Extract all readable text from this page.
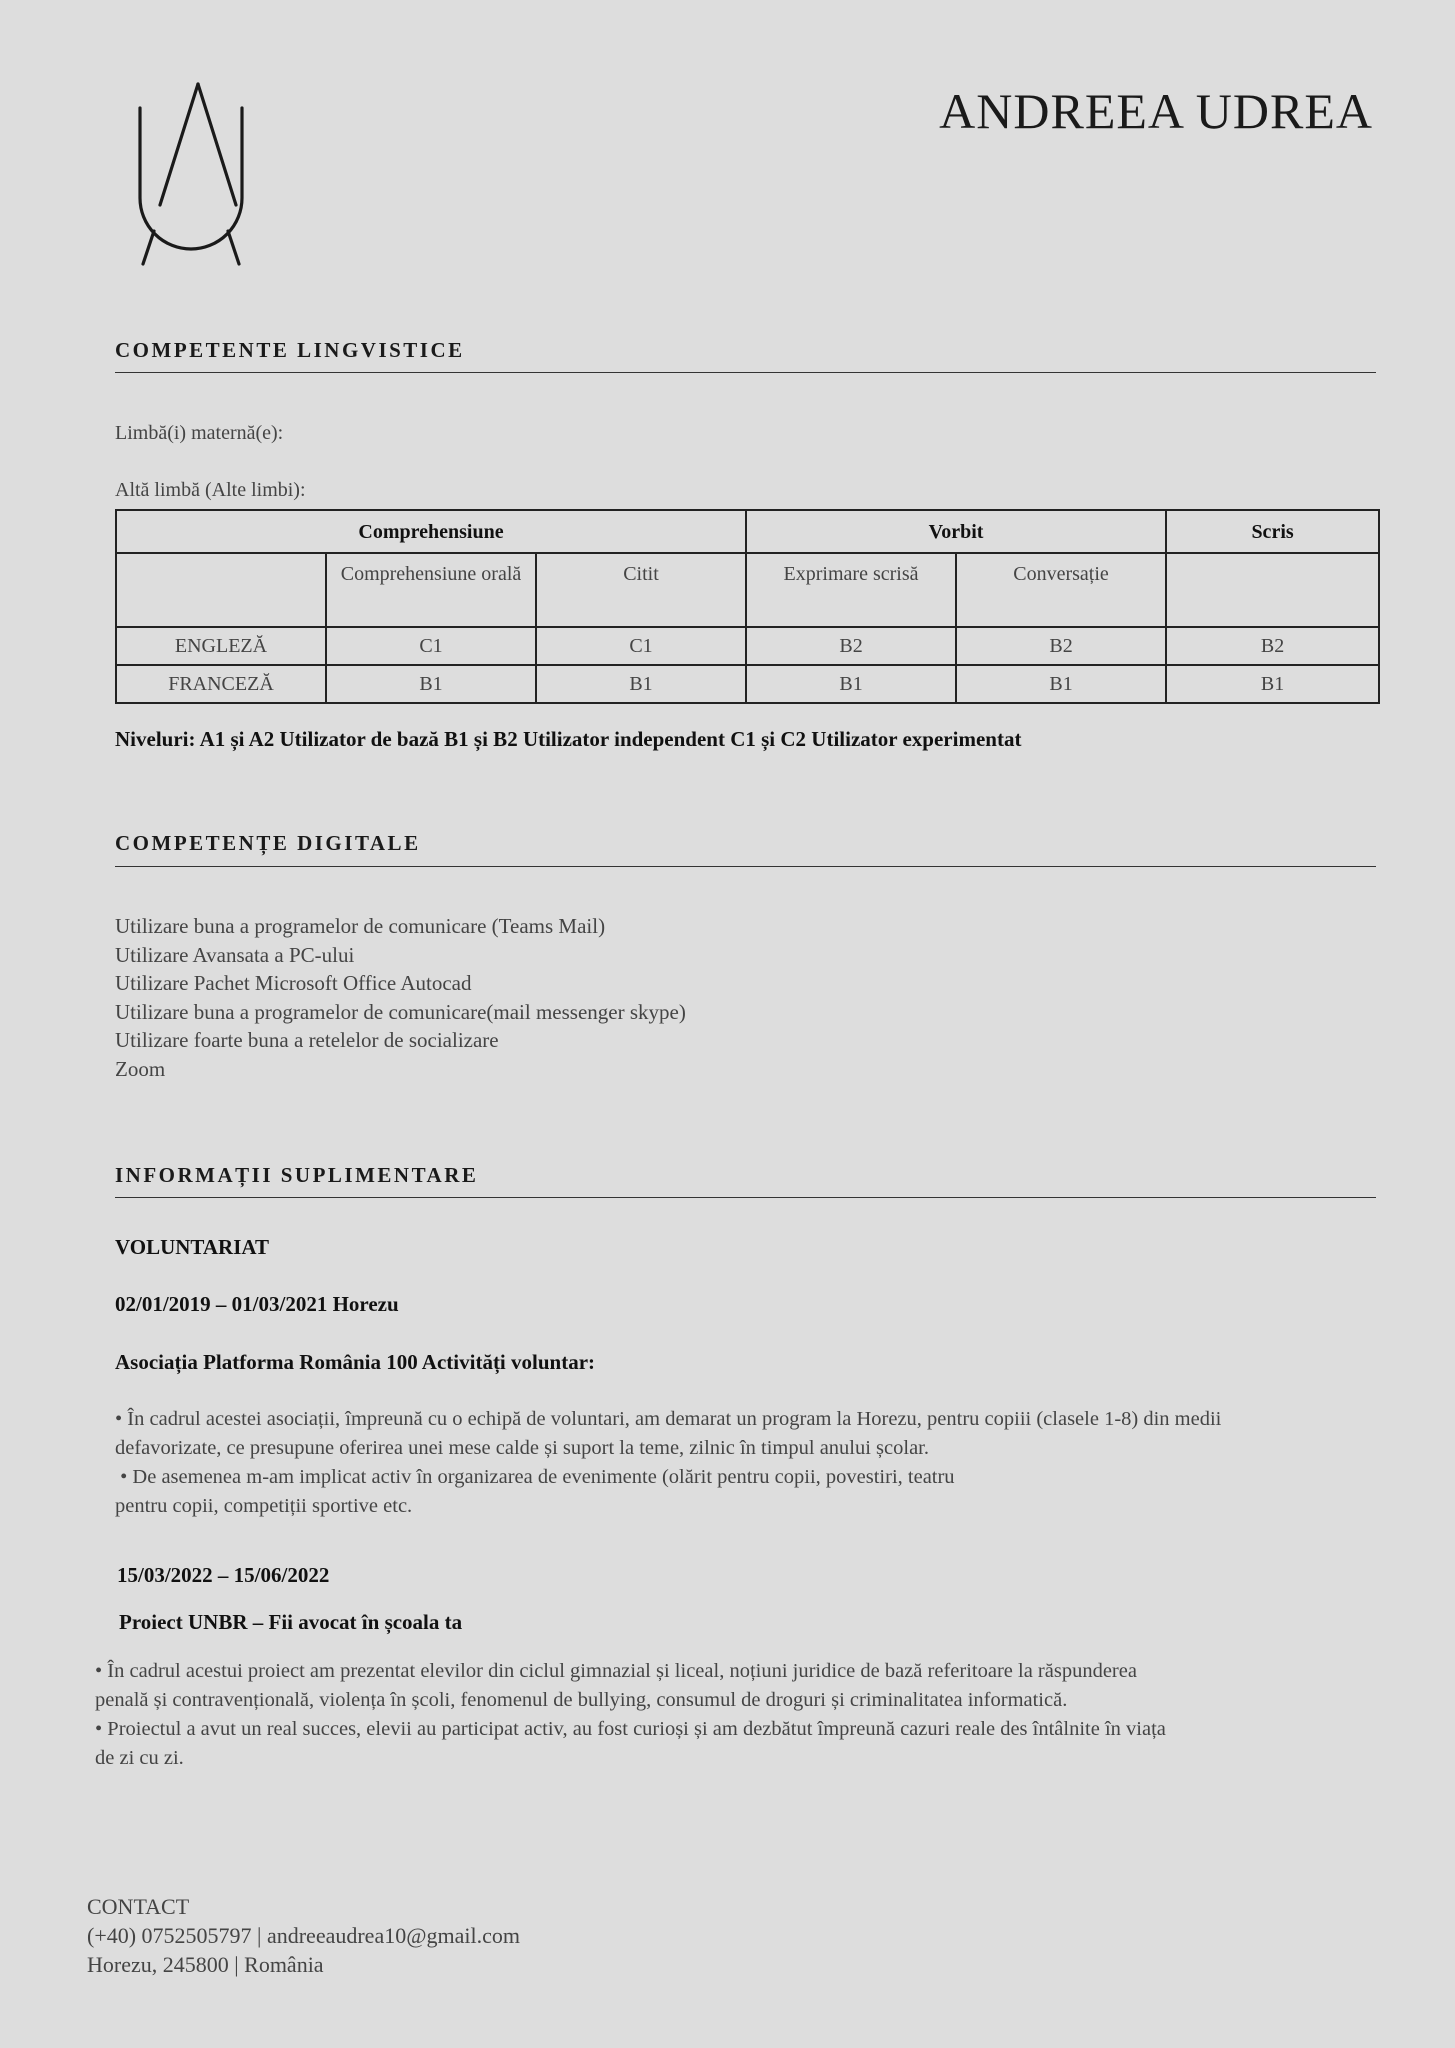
ANDREEA UDREA
COMPETENTE LINGVISTICE
Limbă(i) maternă(e):
Altă limbă (Alte limbi):
Comprehensiune			Vorbit		Scris
	Comprehensiune orală	Citit	Exprimare scrisă	Conversație	
ENGLEZĂ	C1	C1	B2	B2	B2
FRANCEZĂ	B1	B1	B1	B1	B1
Niveluri: A1 și A2 Utilizator de bază B1 și B2 Utilizator independent C1 și C2 Utilizator experimentat
COMPETENȚE DIGITALE
Utilizare buna a programelor de comunicare (Teams Mail)
Utilizare Avansata a PC-ului
Utilizare Pachet Microsoft Office Autocad
Utilizare buna a programelor de comunicare(mail messenger skype)
Utilizare foarte buna a retelelor de socializare
Zoom
INFORMAȚII SUPLIMENTARE
VOLUNTARIAT
02/01/2019 – 01/03/2021 Horezu
Asociația Platforma România 100 Activități voluntar:
• În cadrul acestei asociații, împreună cu o echipă de voluntari, am demarat un program la Horezu, pentru copiii (clasele 1-8) din medii
defavorizate, ce presupune oferirea unei mese calde și suport la teme, zilnic în timpul anului școlar.
• De asemenea m-am implicat activ în organizarea de evenimente (olărit pentru copii, povestiri, teatru
pentru copii, competiții sportive etc.
15/03/2022 – 15/06/2022
Proiect UNBR – Fii avocat în școala ta
• În cadrul acestui proiect am prezentat elevilor din ciclul gimnazial și liceal, noțiuni juridice de bază referitoare la răspunderea
penală și contravențională, violența în școli, fenomenul de bullying, consumul de droguri și criminalitatea informatică.
• Proiectul a avut un real succes, elevii au participat activ, au fost curioși și am dezbătut împreună cazuri reale des întâlnite în viața
de zi cu zi.
CONTACT
(+40) 0752505797 | andreeaudrea10@gmail.com
Horezu, 245800 | România
